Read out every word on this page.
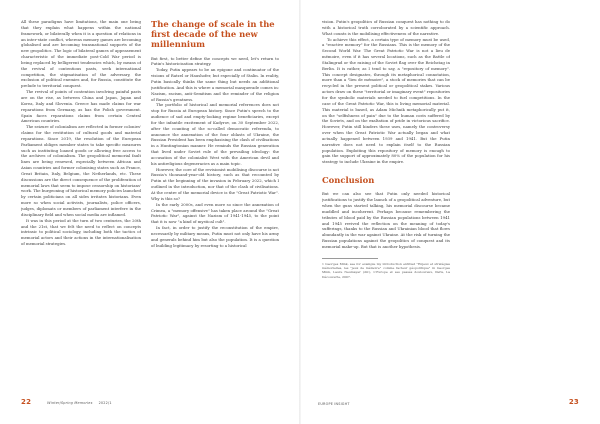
All these paradigms have limitations, the main one being that they explain what happens within the national framework, or bilaterally when it is a question of relations in an inter-state conflict, whereas memory games are becoming globalised and are becoming transnational supports of the new geopolitics. The logic of bilateral games of appeasement characteristic of the immediate post-Cold War period is being replaced by belligerent tendencies which, by means of the revival of contentious pasts, seek international competition, the stigmatisation of the adversary, the exclusion of political enemies and, for Russia, constitute the prelude to territorial conquest.

The revival of points of contention involving painful pasts are on the rise, as between China and Japan, Japan and Korea, Italy and Slovenia. Greece has made claims for war reparations from Germany, as has the Polish government. Spain faces reparations claims from certain Central American countries.

The seizure of colonialism are reflected in former colonies' claims for the restitution of cultural goods and material reparations. Since 2019, the resolution of the European Parliament obliges member states to take specific measures such as instituting loaned goods or allowing free access to the archives of colonialism. The geopolitical memorial fault lines are being renewed, especially between African and Asian countries and former colonising states such as France, Great Britain, Italy, Belgium, the Netherlands, etc. These discussions are the direct consequence of the proliferation of memorial laws that seem to impose censorship on historians' work. The burgeoning of historical memory policies launched by certain politicians on all sides irritates historians. Even more so when social activists, journalists, police officers, judges, diplomats or members of parliament interfere in the disciplinary field and when social media are inflamed.

It was in this period at the turn of two centuries, the 20th and the 21st, that we felt the need to reflect on concepts intrinsic to political sociology, including both the tactics of memorial actors and their actions in the internationalisation of memorial strategies.

The change of scale in the first decade of the new millennium

But first, to better define the concepts we need, let's return to Putin's historicisation strategy.

Today, Putin appears to be an epigone and continuator of the visions of Ratzel or Haushofer, but especially of Stalin. In reality, Putin basically thinks the same thing but needs an additional justification. And this is where a memorial masquerade comes in: Nazism, racism, anti-Semitism and the reminder of the religion of Russia's greatness.

The portfolio of historical and memorial references does not stop for Russia at European history. Since Putin's speech to the audience of sad and empty-looking regime beneficiaries, except for the infantile excitement of Kadyrov, on 30 September 2022, after the counting of the so-called democratic referenda, to announce the annexation of the four oblasts of Ukraine, the Russian President has been emphasising the clash of civilisations in a Huntingtonian manner. He reminds the Russian generation that lived under Soviet rule of the prevailing ideology: the accusation of the colonialist West with the American devil and his antireligious degeneracies as a main topic.

However, the core of the revisionist mobilising discourse is not Russia's thousand-year-old history, such as that recounted by Putin at the beginning of the invasion in February 2022, which I outlined in the introduction, nor that of the clash of civilisations. At the centre of the memorial device is the "Great Patriotic War". Why is this so?

In the early 2000s, and even more so since the annexation of Crimea, a "memory offensive" has taken place around the "Great Patriotic War", against the Nazism of 1941-1945, to the point that it is now "a kind of mystical cult".

In fact, in order to justify the reconstitution of the empire, necessarily by military means, Putin must not only have his army and generals behind him but also the population. It is a question of building legitimacy by resorting to a historical

22	Winter/Spring Memories 2022/1

vision. Putin's geopolitics of Russian conquest has nothing to do with a historical truth corroborated by a scientific approach. What counts is the mobilising effectiveness of the narrative.

To achieve this effect, a certain type of memory must be used, a "reactive memory" for the Russians. This is the memory of the Second World War. The Great Patriotic War is not a lieu de mémoire, even if it has several locations, such as the Battle of Stalingrad or the raising of the Soviet flag over the Reichstag in Berlin. It is rather, as I tend to say, a "repository of memory". This concept designates, through its metaphorical connotation, more than a "lieu de mémoire", a stock of memories that can be recycled in the present political or geopolitical stakes. Various actors draw on these "territorial or imaginary event" repositories for the symbolic materials needed to fuel competitions. In the case of the Great Patriotic War, this is living memorial material. This material is based, as Adam Michnik metaphorically put it, on the "selfishness of pain" due to the human costs suffered by the Soviets, and on the exaltation of pride in victorious sacrifice. However, Putin still hinders these uses, namely the controversy over when the Great Patriotic War actually began and what actually happened between 1939 and 1941. But the Putin narrative does not need to explain itself to the Russian population. Exploiting this repository of memory is enough to gain the support of approximately 80% of the population for his strategy to include Ukraine in the empire.

Conclusion

But we can also see that Putin only needed historical justifications to justify the launch of a geopolitical adventure, but when the guns started talking, his memorial discourse became muddled and incoherent. Perhaps because remembering the tributes of blood paid by the Russian populations between 1941 and 1945 revived the reflection on the meaning of today's sufferings, thanks to the Russian and Ukrainian blood that flows abundantly in the war against Ukraine. At the risk of turning the Russian populations against the geopolitics of conquest and its memorial make-up. But that is another hypothesis.

1 Georges Mink, see for example my introduction entitled "Enjeux et stratégies mémorielles, les "jeux de mémoire" comme facteur géopolitique" in Georges Mink, Laure Neumayer (dir.), L'Europe et ses passés douloureux, Paris, La Découverte, 2007.

EUROPE INSIGHT	23
